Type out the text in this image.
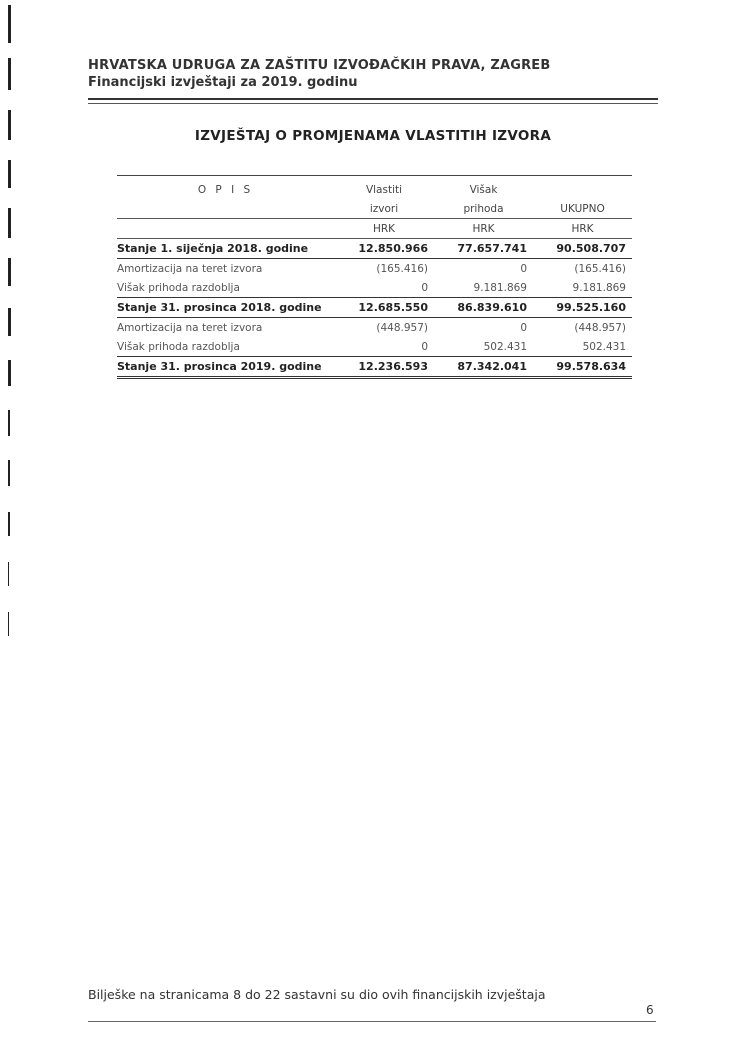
HRVATSKA UDRUGA ZA ZAŠTITU IZVOĐAČKIH PRAVA, ZAGREB
Financijski izvještaji za 2019. godinu
IZVJEŠTAJ O PROMJENAMA VLASTITIH IZVORA

O P I S	Vlastiti	Višak	
	izvori	prihoda	UKUPNO
	HRK	HRK	HRK
Stanje 1. siječnja 2018. godine	12.850.966	77.657.741	90.508.707
Amortizacija na teret izvora	(165.416)	0	(165.416)
Višak prihoda razdoblja	0	9.181.869	9.181.869
Stanje 31. prosinca 2018. godine	12.685.550	86.839.610	99.525.160
Amortizacija na teret izvora	(448.957)	0	(448.957)
Višak prihoda razdoblja	0	502.431	502.431
Stanje 31. prosinca 2019. godine	12.236.593	87.342.041	99.578.634
Bilješke na stranicama 8 do 22 sastavni su dio ovih financijskih izvještaja
6
